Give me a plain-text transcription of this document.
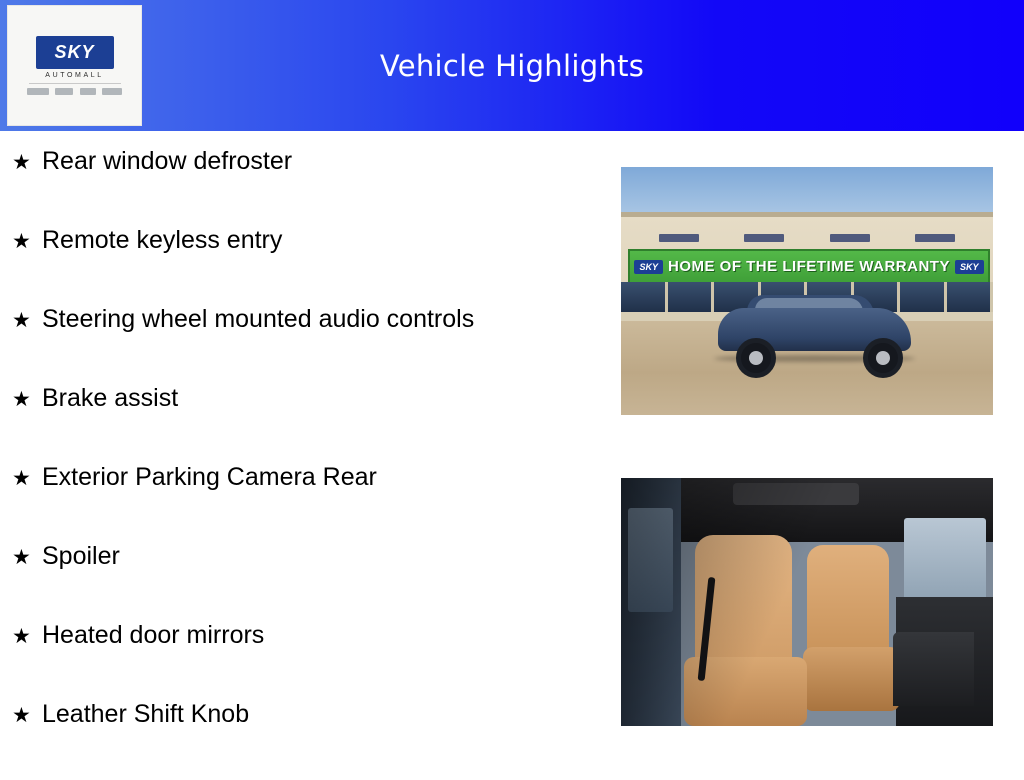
Vehicle Highlights
SKY
AUTOMALL
★ Rear window defroster
★ Remote keyless entry
★ Steering wheel mounted audio controls
★ Brake assist
★ Exterior Parking Camera Rear
★ Spoiler
★ Heated door mirrors
★ Leather Shift Knob
SKY HOME OF THE LIFETIME WARRANTY	SKY
